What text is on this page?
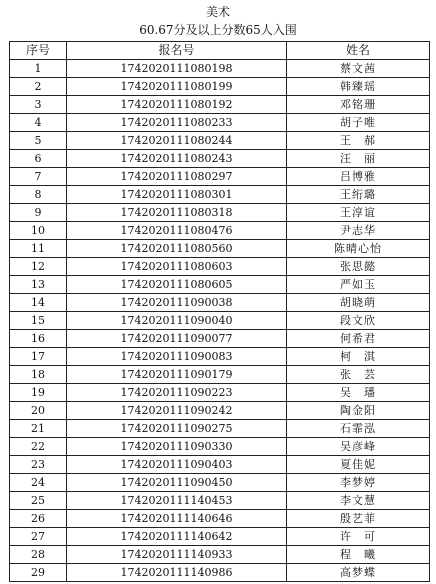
美术
60.67分及以上分数65人入围
序号	报名号	姓名
1	1742020111080198	蔡文茜
2	1742020111080199	韩臻瑶
3	1742020111080192	邓铭珊
4	1742020111080233	胡子唯
5	1742020111080244	王　郝
6	1742020111080243	汪　丽
7	1742020111080297	吕博雅
8	1742020111080301	王绗璐
9	1742020111080318	王淳谊
10	1742020111080476	尹志华
11	1742020111080560	陈晴心怡
12	1742020111080603	张思懿
13	1742020111080605	严如玉
14	1742020111090038	胡晓萌
15	1742020111090040	段文欣
16	1742020111090077	何希君
17	1742020111090083	柯　淇
18	1742020111090179	张　芸
19	1742020111090223	吴　璠
20	1742020111090242	陶金阳
21	1742020111090275	石霏泓
22	1742020111090330	吴彦峰
23	1742020111090403	夏佳妮
24	1742020111090450	李梦婷
25	1742020111140453	李文慧
26	1742020111140646	殷艺菲
27	1742020111140642	许　可
28	1742020111140933	程　曦
29	1742020111140986	高梦蝶
